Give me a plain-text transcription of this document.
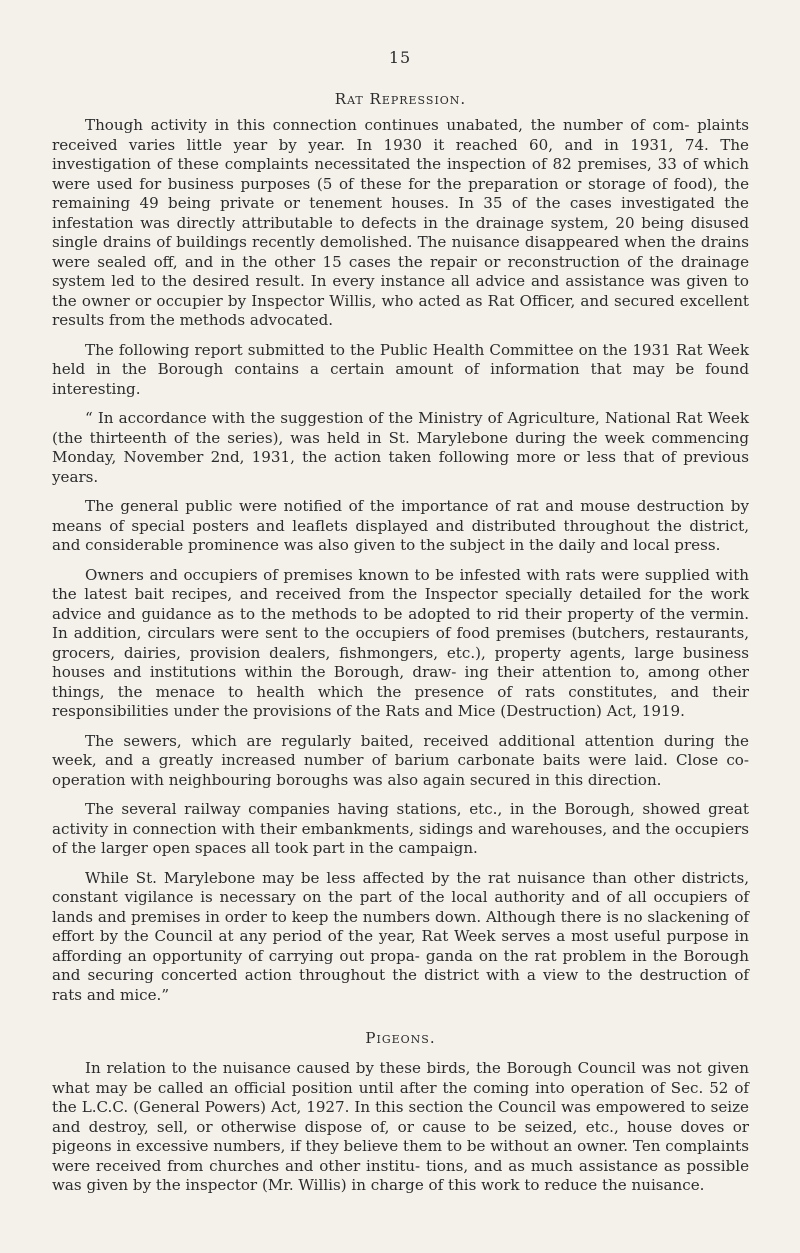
15
Rat Repression.

Though activity in this connection continues unabated, the number of com- plaints received varies little year by year. In 1930 it reached 60, and in 1931, 74. The investigation of these complaints necessitated the inspection of 82 premises, 33 of which were used for business purposes (5 of these for the preparation or storage of food), the remaining 49 being private or tenement houses. In 35 of the cases investigated the infestation was directly attributable to defects in the drainage system, 20 being disused single drains of buildings recently demolished. The nuisance disappeared when the drains were sealed off, and in the other 15 cases the repair or reconstruction of the drainage system led to the desired result. In every instance all advice and assistance was given to the owner or occupier by Inspector Willis, who acted as Rat Officer, and secured excellent results from the methods advocated.

The following report submitted to the Public Health Committee on the 1931 Rat Week held in the Borough contains a certain amount of information that may be found interesting.

“ In accordance with the suggestion of the Ministry of Agriculture, National Rat Week (the thirteenth of the series), was held in St. Marylebone during the week commencing Monday, November 2nd, 1931, the action taken following more or less that of previous years.

The general public were notified of the importance of rat and mouse destruction by means of special posters and leaflets displayed and distributed throughout the district, and considerable prominence was also given to the subject in the daily and local press.

Owners and occupiers of premises known to be infested with rats were supplied with the latest bait recipes, and received from the Inspector specially detailed for the work advice and guidance as to the methods to be adopted to rid their property of the vermin. In addition, circulars were sent to the occupiers of food premises (butchers, restaurants, grocers, dairies, provision dealers, fishmongers, etc.), property agents, large business houses and institutions within the Borough, draw- ing their attention to, among other things, the menace to health which the presence of rats constitutes, and their responsibilities under the provisions of the Rats and Mice (Destruction) Act, 1919.

The sewers, which are regularly baited, received additional attention during the week, and a greatly increased number of barium carbonate baits were laid. Close co-operation with neighbouring boroughs was also again secured in this direction.

The several railway companies having stations, etc., in the Borough, showed great activity in connection with their embankments, sidings and warehouses, and the occupiers of the larger open spaces all took part in the campaign.

While St. Marylebone may be less affected by the rat nuisance than other districts, constant vigilance is necessary on the part of the local authority and of all occupiers of lands and premises in order to keep the numbers down. Although there is no slackening of effort by the Council at any period of the year, Rat Week serves a most useful purpose in affording an opportunity of carrying out propa- ganda on the rat problem in the Borough and securing concerted action throughout the district with a view to the destruction of rats and mice.”

Pigeons.

In relation to the nuisance caused by these birds, the Borough Council was not given what may be called an official position until after the coming into operation of Sec. 52 of the L.C.C. (General Powers) Act, 1927. In this section the Council was empowered to seize and destroy, sell, or otherwise dispose of, or cause to be seized, etc., house doves or pigeons in excessive numbers, if they believe them to be without an owner. Ten complaints were received from churches and other institu- tions, and as much assistance as possible was given by the inspector (Mr. Willis) in charge of this work to reduce the nuisance.
